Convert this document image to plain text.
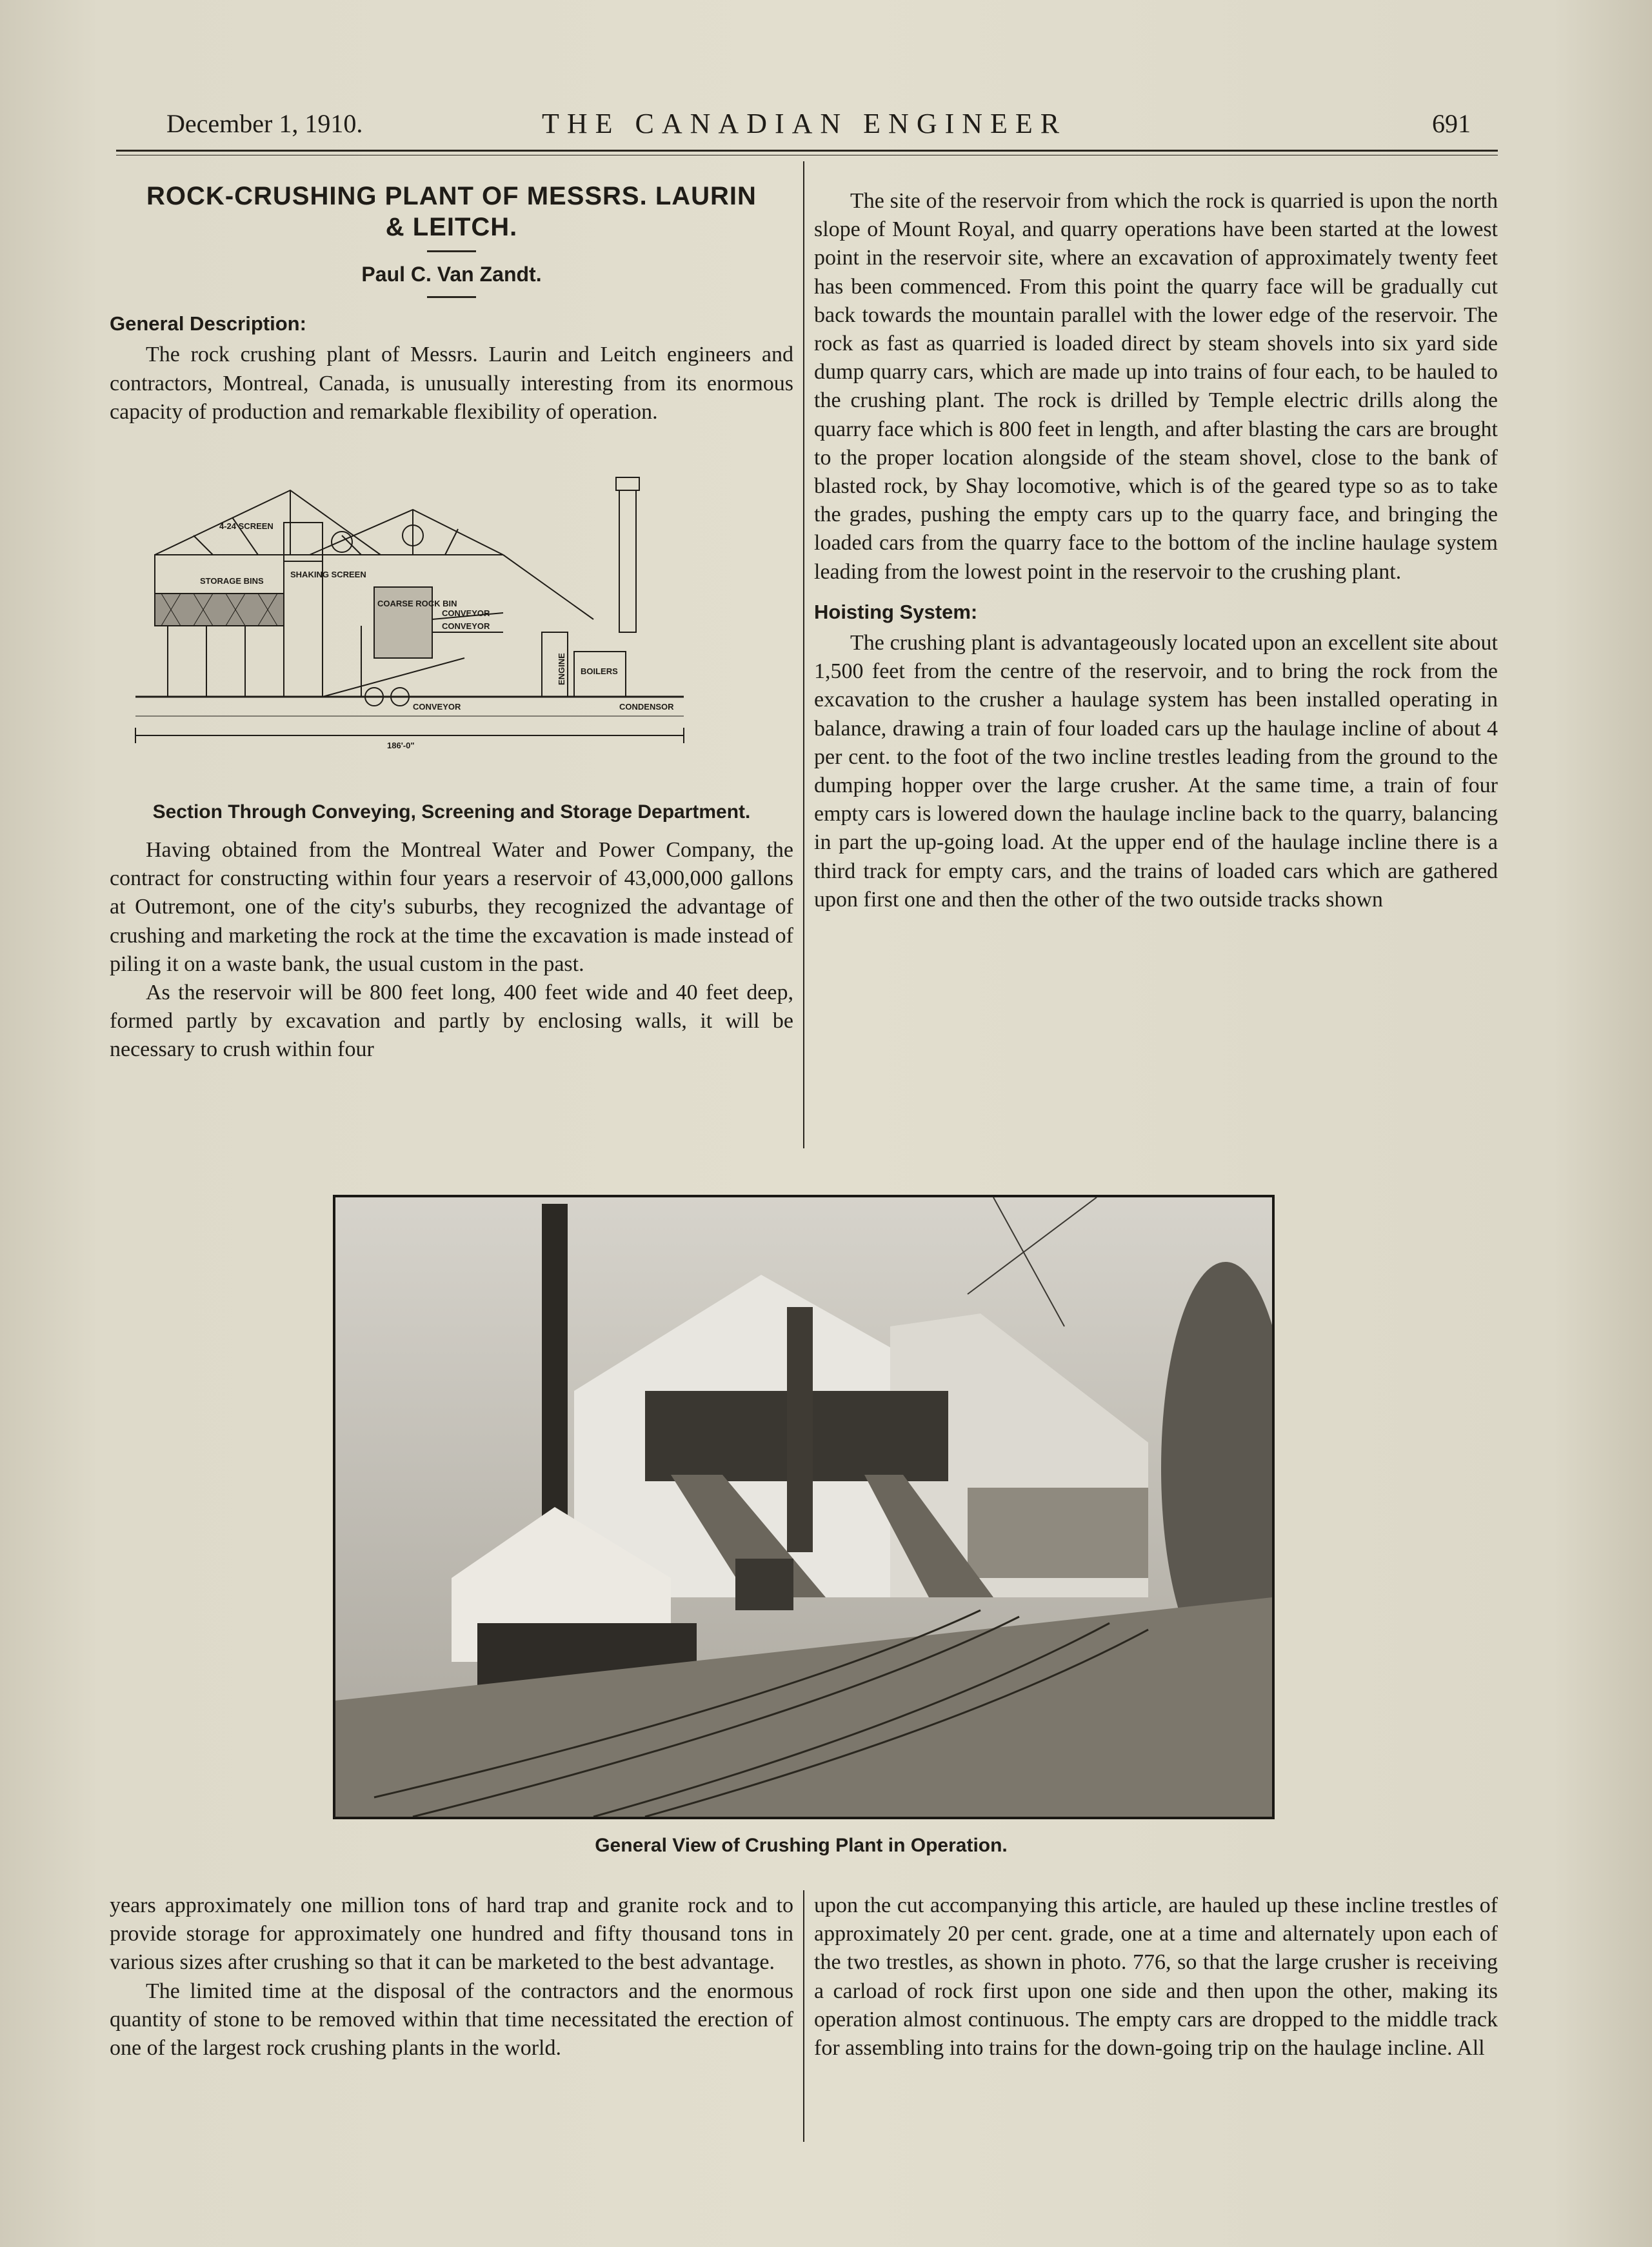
December 1, 1910.	THE CANADIAN ENGINEER	691

ROCK-CRUSHING PLANT OF MESSRS. LAURIN

& LEITCH.

Paul C. Van Zandt.

General Description:

The rock crushing plant of Messrs. Laurin and Leitch engineers and contractors, Montreal, Canada, is unusually interesting from its enormous capacity of production and remarkable flexibility of operation.

4-24 SCREEN
SHAKING SCREEN
STORAGE BINS
COARSE ROCK BIN
CONVEYOR
CONVEYOR
CONVEYOR
ENGINE BOILERS
CONDENSOR
186'-0"
Section Through Conveying, Screening and Storage Department.

Having obtained from the Montreal Water and Power Company, the contract for constructing within four years a reservoir of 43,000,000 gallons at Outremont, one of the city's suburbs, they recognized the advantage of crushing and marketing the rock at the time the excavation is made instead of piling it on a waste bank, the usual custom in the past.

As the reservoir will be 800 feet long, 400 feet wide and 40 feet deep, formed partly by excavation and partly by enclosing walls, it will be necessary to crush within four

The site of the reservoir from which the rock is quarried is upon the north slope of Mount Royal, and quarry operations have been started at the lowest point in the reservoir site, where an excavation of approximately twenty feet has been commenced. From this point the quarry face will be gradually cut back towards the mountain parallel with the lower edge of the reservoir. The rock as fast as quarried is loaded direct by steam shovels into six yard side dump quarry cars, which are made up into trains of four each, to be hauled to the crushing plant. The rock is drilled by Temple electric drills along the quarry face which is 800 feet in length, and after blasting the cars are brought to the proper location alongside of the steam shovel, close to the bank of blasted rock, by Shay locomotive, which is of the geared type so as to take the grades, pushing the empty cars up to the quarry face, and bringing the loaded cars from the quarry face to the bottom of the incline haulage system leading from the lowest point in the reservoir to the crushing plant.

Hoisting System:

The crushing plant is advantageously located upon an excellent site about 1,500 feet from the centre of the reservoir, and to bring the rock from the excavation to the crusher a haulage system has been installed operating in balance, drawing a train of four loaded cars up the haulage incline of about 4 per cent. to the foot of the two incline trestles leading from the ground to the dumping hopper over the large crusher. At the same time, a train of four empty cars is lowered down the haulage incline back to the quarry, balancing in part the up-going load. At the upper end of the haulage incline there is a third track for empty cars, and the trains of loaded cars which are gathered upon first one and then the other of the two outside tracks shown

General View of Crushing Plant in Operation.

years approximately one million tons of hard trap and granite rock and to provide storage for approximately one hundred and fifty thousand tons in various sizes after crushing so that it can be marketed to the best advantage.

The limited time at the disposal of the contractors and the enormous quantity of stone to be removed within that time necessitated the erection of one of the largest rock crushing plants in the world.

upon the cut accompanying this article, are hauled up these incline trestles of approximately 20 per cent. grade, one at a time and alternately upon each of the two trestles, as shown in photo. 776, so that the large crusher is receiving a carload of rock first upon one side and then upon the other, making its operation almost continuous. The empty cars are dropped to the middle track for assembling into trains for the down-going trip on the haulage incline. All
